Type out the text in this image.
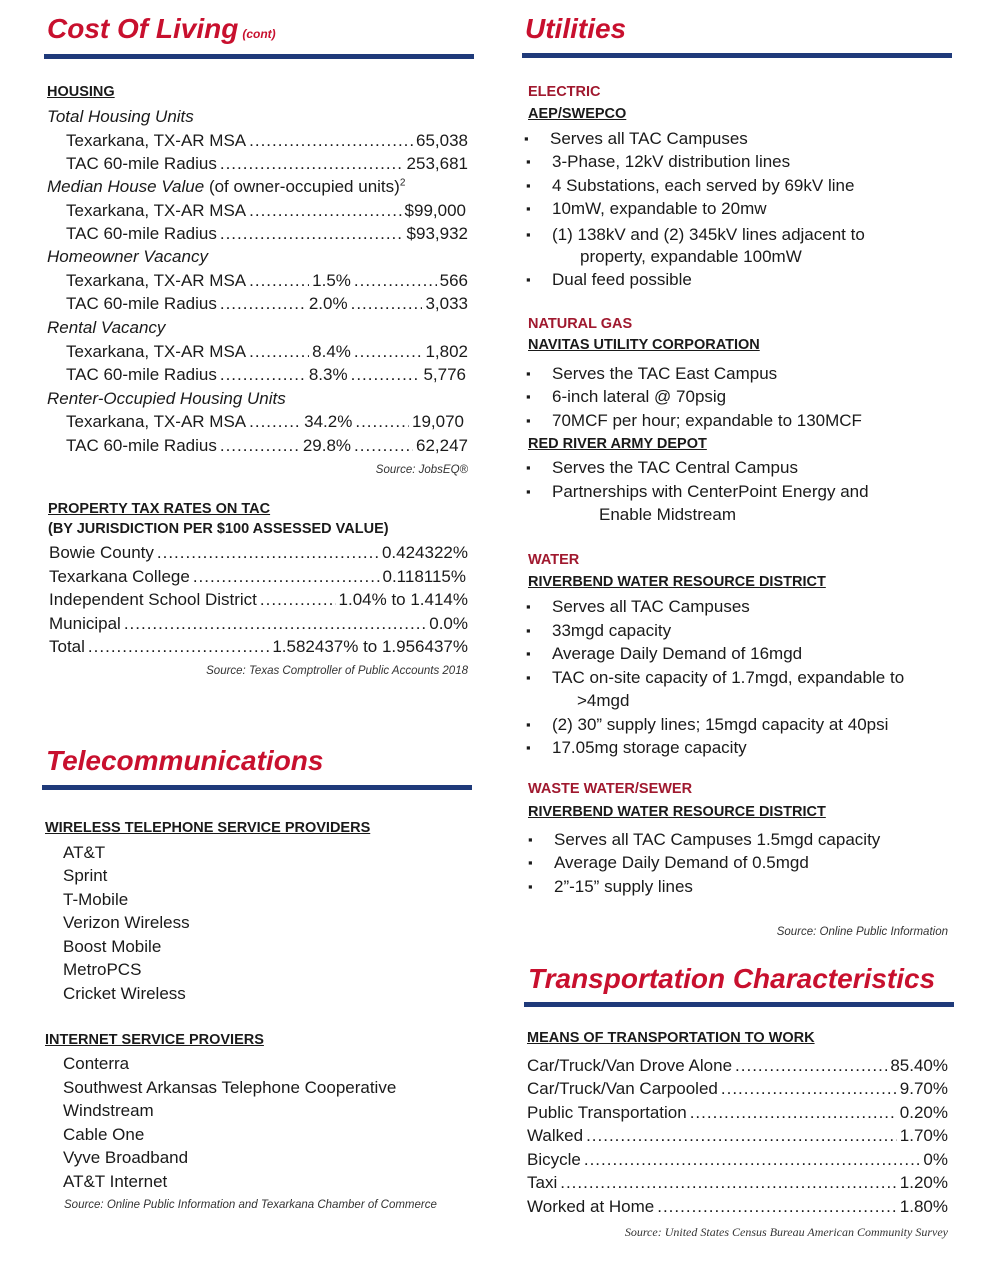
Cost Of Living (cont)
HOUSING
Total Housing Units
Texarkana, TX-AR MSA .....	65,038
TAC 60-mile Radius .....	253,681
Median House Value (of owner-occupied units)$^2$
Texarkana, TX-AR MSA .....	$99,000
TAC 60-mile Radius .....	$93,932
Homeowner Vacancy
Texarkana, TX-AR MSA .....	1.5% .....	566
TAC 60-mile Radius .....	2.0% .....	3,033
Rental Vacancy
Texarkana, TX-AR MSA .....	8.4% .....	1,802
TAC 60-mile Radius .....	8.3% .....	5,776
Renter-Occupied Housing Units
Texarkana, TX-AR MSA .....	34.2% .....	19,070
TAC 60-mile Radius .....	29.8% .....	62,247
Source: JobsEQ®
PROPERTY TAX RATES ON TAC
(BY JURISDICTION PER $100 ASSESSED VALUE)
Bowie County .....	0.424322%
Texarkana College .....	0.118115%
Independent School District .....	1.04% to 1.414%
Municipal .....	0.0%
Total .....	1.582437% to 1.956437%
Source: Texas Comptroller of Public Accounts 2018
Telecommunications
WIRELESS TELEPHONE SERVICE PROVIDERS
AT&T
Sprint
T-Mobile
Verizon Wireless
Boost Mobile
MetroPCS
Cricket Wireless
INTERNET SERVICE PROVIERS
Conterra
Southwest Arkansas Telephone Cooperative
Windstream
Cable One
Vyve Broadband
AT&T Internet
Source: Online Public Information and Texarkana Chamber of Commerce
Utilities
ELECTRIC
AEP/SWEPCO
▪ Serves all TAC Campuses
▪ 3-Phase, 12kV distribution lines
▪ 4 Substations, each served by 69kV line
▪ 10mW, expandable to 20mw
▪ (1) 138kV and (2) 345kV lines adjacent to
property, expandable 100mW
▪ Dual feed possible
NATURAL GAS
NAVITAS UTILITY CORPORATION
▪ Serves the TAC East Campus
▪ 6-inch lateral @ 70psig
▪ 70MCF per hour; expandable to 130MCF
RED RIVER ARMY DEPOT
▪ Serves the TAC Central Campus
▪ Partnerships with CenterPoint Energy and
Enable Midstream
WATER
RIVERBEND WATER RESOURCE DISTRICT
▪ Serves all TAC Campuses
▪ 33mgd capacity
▪ Average Daily Demand of 16mgd
▪ TAC on-site capacity of 1.7mgd, expandable to
>4mgd
▪ (2) 30” supply lines; 15mgd capacity at 40psi
▪ 17.05mg storage capacity
WASTE WATER/SEWER
RIVERBEND WATER RESOURCE DISTRICT
▪ Serves all TAC Campuses 1.5mgd capacity
▪ Average Daily Demand of 0.5mgd
▪ 2”-15” supply lines
Source: Online Public Information
Transportation Characteristics
MEANS OF TRANSPORTATION TO WORK
Car/Truck/Van Drove Alone .....	85.40%
Car/Truck/Van Carpooled .....	9.70%
Public Transportation .....	0.20%
Walked .....	1.70%
Bicycle .....	0%
Taxi .....	1.20%
Worked at Home .....	1.80%
Source: United States Census Bureau American Community Survey
